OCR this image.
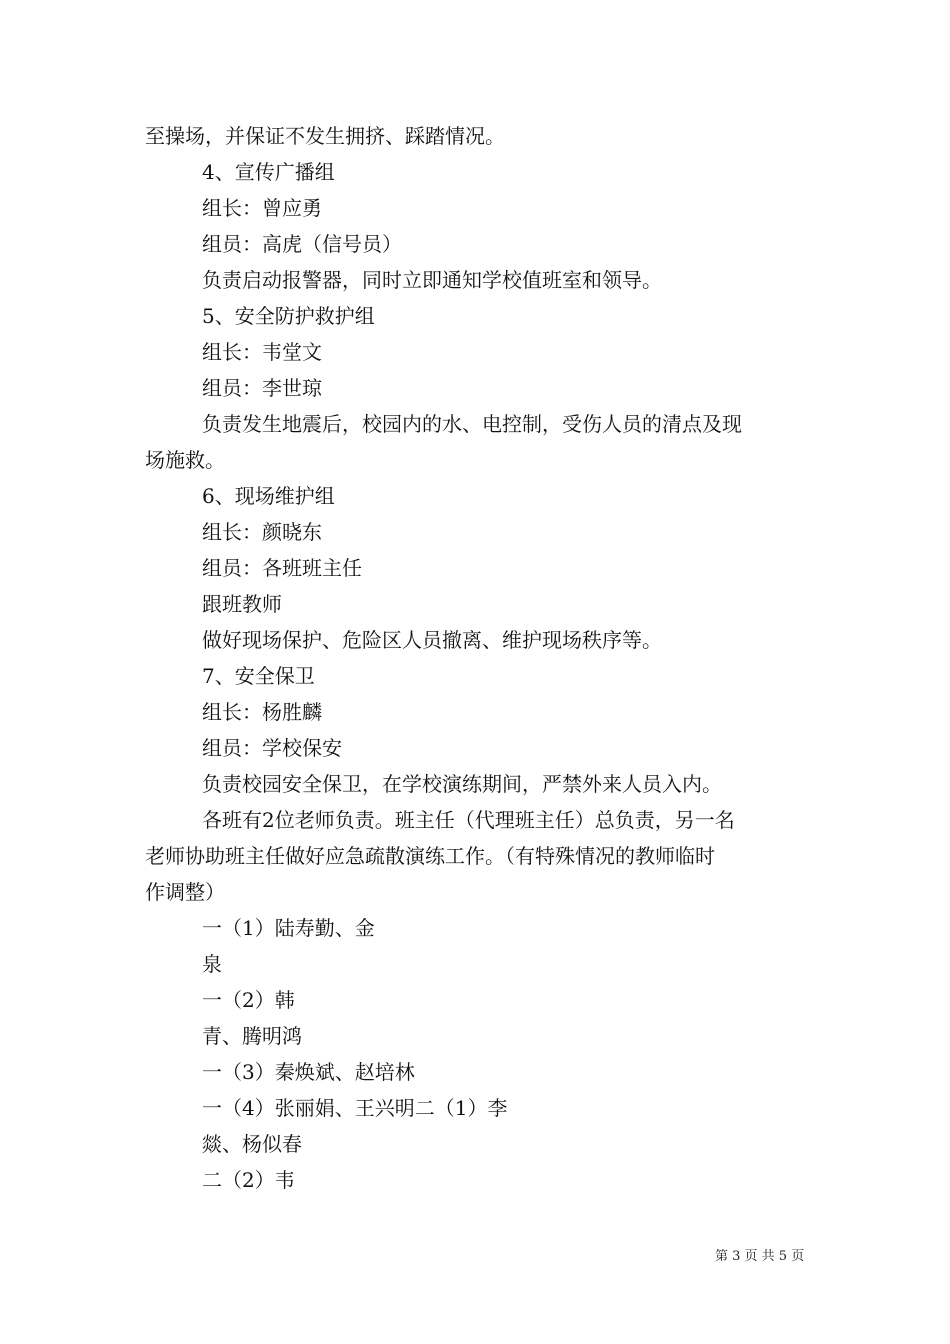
至操场，并保证不发生拥挤、踩踏情况。
4、宣传广播组
组长：曾应勇
组员：高虎（信号员）
负责启动报警器，同时立即通知学校值班室和领导。
5、安全防护救护组
组长：韦堂文
组员：李世琼
负责发生地震后，校园内的水、电控制，受伤人员的清点及现
场施救。
6、现场维护组
组长：颜晓东
组员：各班班主任
跟班教师
做好现场保护、危险区人员撤离、维护现场秩序等。
7、安全保卫
组长：杨胜麟
组员：学校保安
负责校园安全保卫，在学校演练期间，严禁外来人员入内。
各班有2位老师负责。班主任（代理班主任）总负责，另一名
老师协助班主任做好应急疏散演练工作。（有特殊情况的教师临时
作调整）
一（1）陆寿勤、金
泉
一（2）韩
青、腾明鸿
一（3）秦焕斌、赵培林
一（4）张丽娟、王兴明二（1）李
燚、杨似春
二（2）韦
第 3 页 共 5 页
